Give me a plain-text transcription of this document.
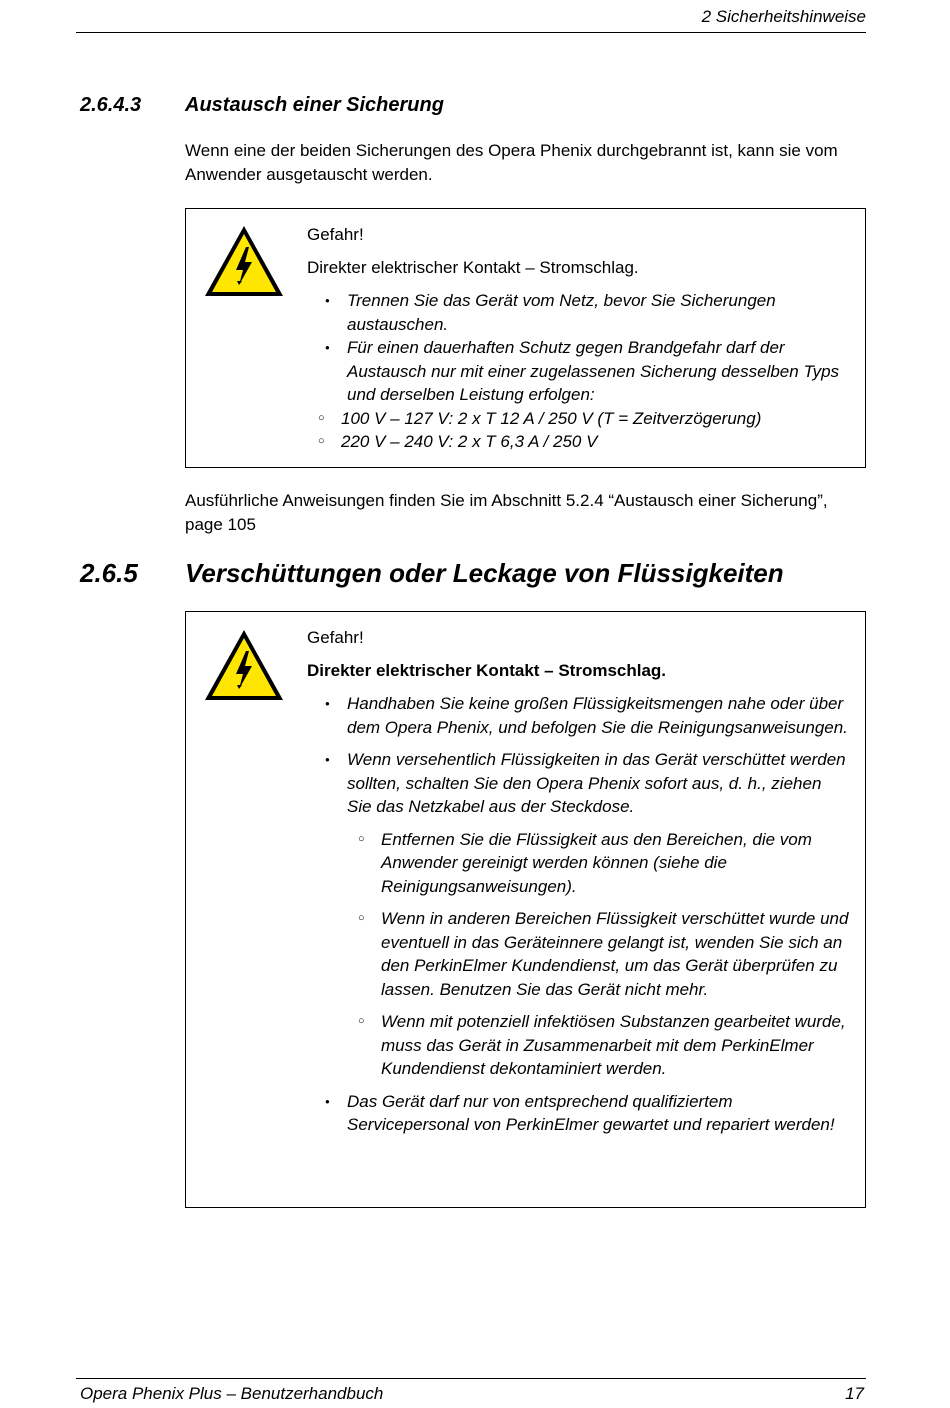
2 Sicherheitshinweise
2.6.4.3 Austausch einer Sicherung
Wenn eine der beiden Sicherungen des Opera Phenix durchgebrannt ist, kann sie vom Anwender ausgetauscht werden.
Gefahr!
Direkter elektrischer Kontakt – Stromschlag.
● Trennen Sie das Gerät vom Netz, bevor Sie Sicherungen austauschen.
● Für einen dauerhaften Schutz gegen Brandgefahr darf der Austausch nur mit einer zugelassenen Sicherung desselben Typs und derselben Leistung erfolgen:
○ 100 V – 127 V: 2 x T 12 A / 250 V (T = Zeitverzögerung)
○ 220 V – 240 V: 2 x T 6,3 A / 250 V
Ausführliche Anweisungen finden Sie im Abschnitt 5.2.4 “Austausch einer Sicherung”, page 105
2.6.5 Verschüttungen oder Leckage von Flüssigkeiten
Gefahr!
Direkter elektrischer Kontakt – Stromschlag.
● Handhaben Sie keine großen Flüssigkeitsmengen nahe oder über dem Opera Phenix, und befolgen Sie die Reinigungsanweisungen.
● Wenn versehentlich Flüssigkeiten in das Gerät verschüttet werden sollten, schalten Sie den Opera Phenix sofort aus, d. h., ziehen Sie das Netzkabel aus der Steckdose.
○ Entfernen Sie die Flüssigkeit aus den Bereichen, die vom Anwender gereinigt werden können (siehe die Reinigungsanweisungen).
○ Wenn in anderen Bereichen Flüssigkeit verschüttet wurde und eventuell in das Geräteinnere gelangt ist, wenden Sie sich an den PerkinElmer Kundendienst, um das Gerät überprüfen zu lassen. Benutzen Sie das Gerät nicht mehr.
○ Wenn mit potenziell infektiösen Substanzen gearbeitet wurde, muss das Gerät in Zusammenarbeit mit dem PerkinElmer Kundendienst dekontaminiert werden.
● Das Gerät darf nur von entsprechend qualifiziertem Servicepersonal von PerkinElmer gewartet und repariert werden!
Opera Phenix Plus – Benutzerhandbuch	17
